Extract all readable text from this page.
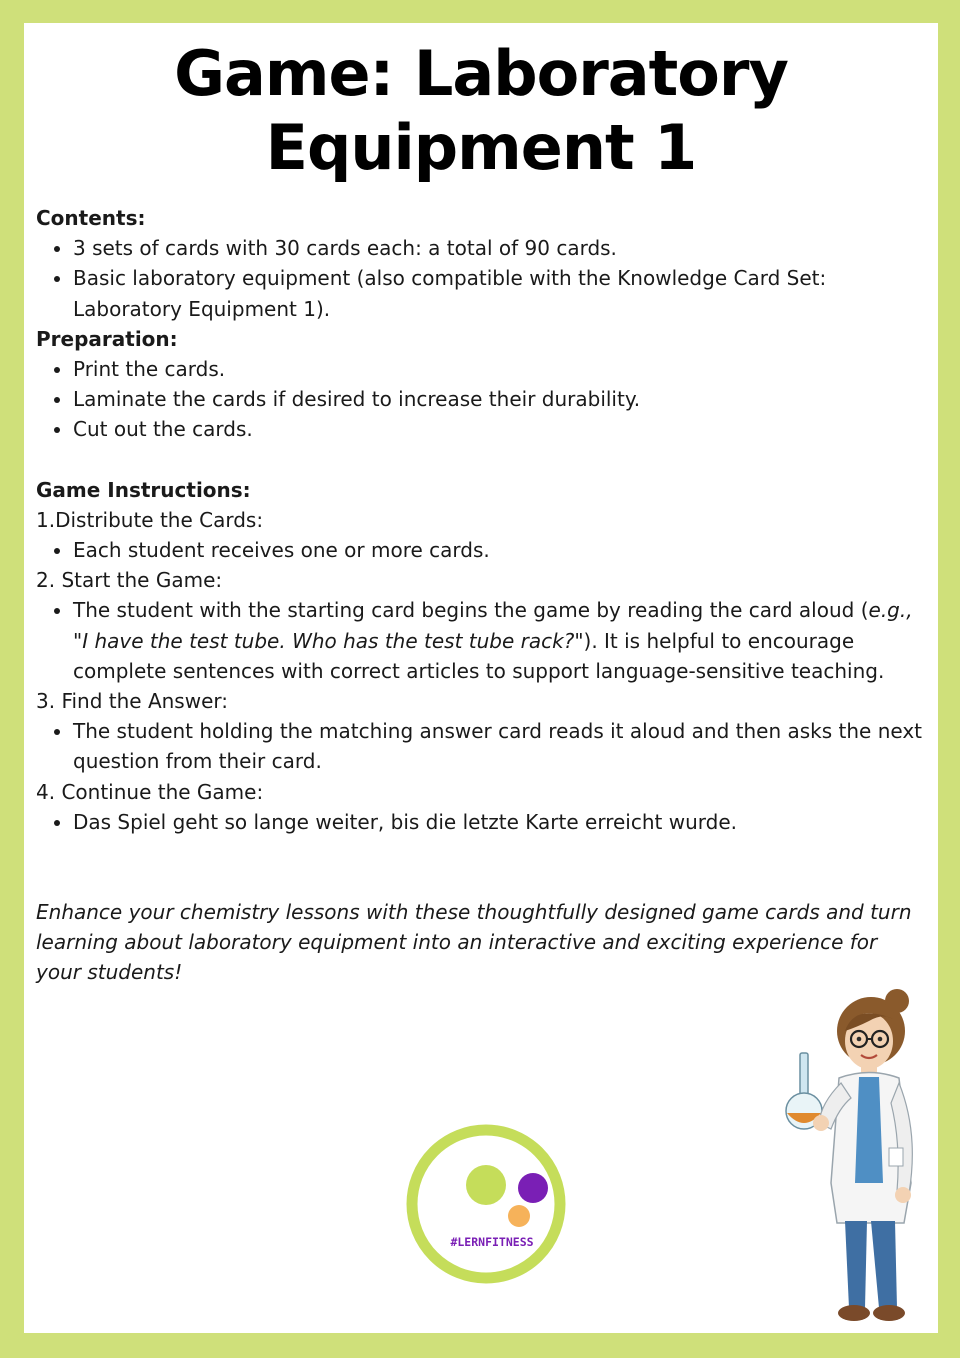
Game: Laboratory
Equipment 1
Contents:
• 3 sets of cards with 30 cards each: a total of 90 cards.
• Basic laboratory equipment (also compatible with the Knowledge Card Set: Laboratory Equipment 1).
Preparation:
• Print the cards.
• Laminate the cards if desired to increase their durability.
• Cut out the cards.
Game Instructions:
1.Distribute the Cards:
• Each student receives one or more cards.
2. Start the Game:
• The student with the starting card begins the game by reading the card aloud (e.g., "I have the test tube. Who has the test tube rack?"). It is helpful to encourage complete sentences with correct articles to support language-sensitive teaching.
3. Find the Answer:
• The student holding the matching answer card reads it aloud and then asks the next question from their card.
4. Continue the Game:
• Das Spiel geht so lange weiter, bis die letzte Karte erreicht wurde.
Enhance your chemistry lessons with these thoughtfully designed game cards and turn learning about laboratory equipment into an interactive and exciting experience for your students!
#LERNFITNESS
